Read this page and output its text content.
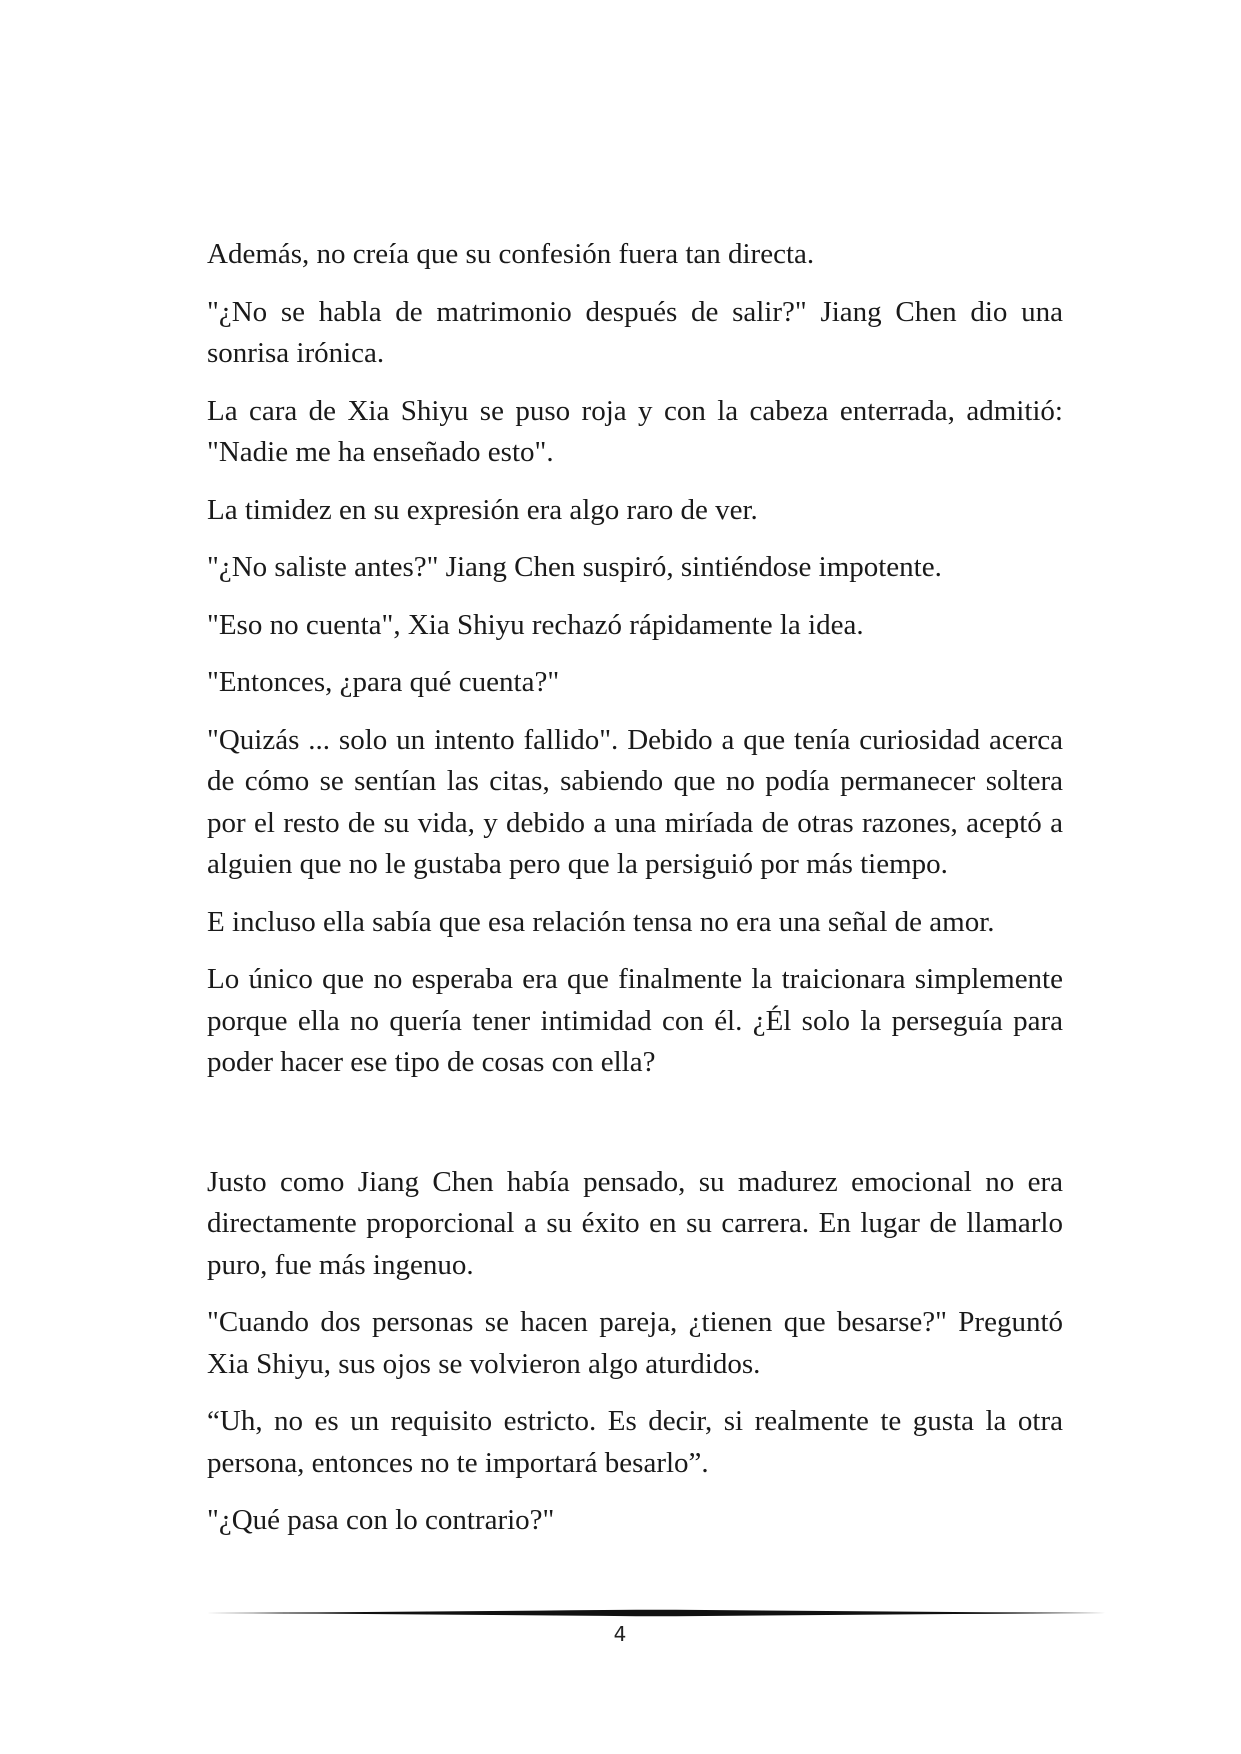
Además, no creía que su confesión fuera tan directa.

"¿No se habla de matrimonio después de salir?" Jiang Chen dio una sonrisa irónica.

La cara de Xia Shiyu se puso roja y con la cabeza enterrada, admitió: "Nadie me ha enseñado esto".

La timidez en su expresión era algo raro de ver.

"¿No saliste antes?" Jiang Chen suspiró, sintiéndose impotente.

"Eso no cuenta", Xia Shiyu rechazó rápidamente la idea.

"Entonces, ¿para qué cuenta?"

"Quizás ... solo un intento fallido". Debido a que tenía curiosidad acerca de cómo se sentían las citas, sabiendo que no podía permanecer soltera por el resto de su vida, y debido a una miríada de otras razones, aceptó a alguien que no le gustaba pero que la persiguió por más tiempo.

E incluso ella sabía que esa relación tensa no era una señal de amor.

Lo único que no esperaba era que finalmente la traicionara simplemente porque ella no quería tener intimidad con él. ¿Él solo la perseguía para poder hacer ese tipo de cosas con ella?

Justo como Jiang Chen había pensado, su madurez emocional no era directamente proporcional a su éxito en su carrera. En lugar de llamarlo puro, fue más ingenuo.

"Cuando dos personas se hacen pareja, ¿tienen que besarse?" Preguntó Xia Shiyu, sus ojos se volvieron algo aturdidos.

“Uh, no es un requisito estricto. Es decir, si realmente te gusta la otra persona, entonces no te importará besarlo”.

"¿Qué pasa con lo contrario?"

4
